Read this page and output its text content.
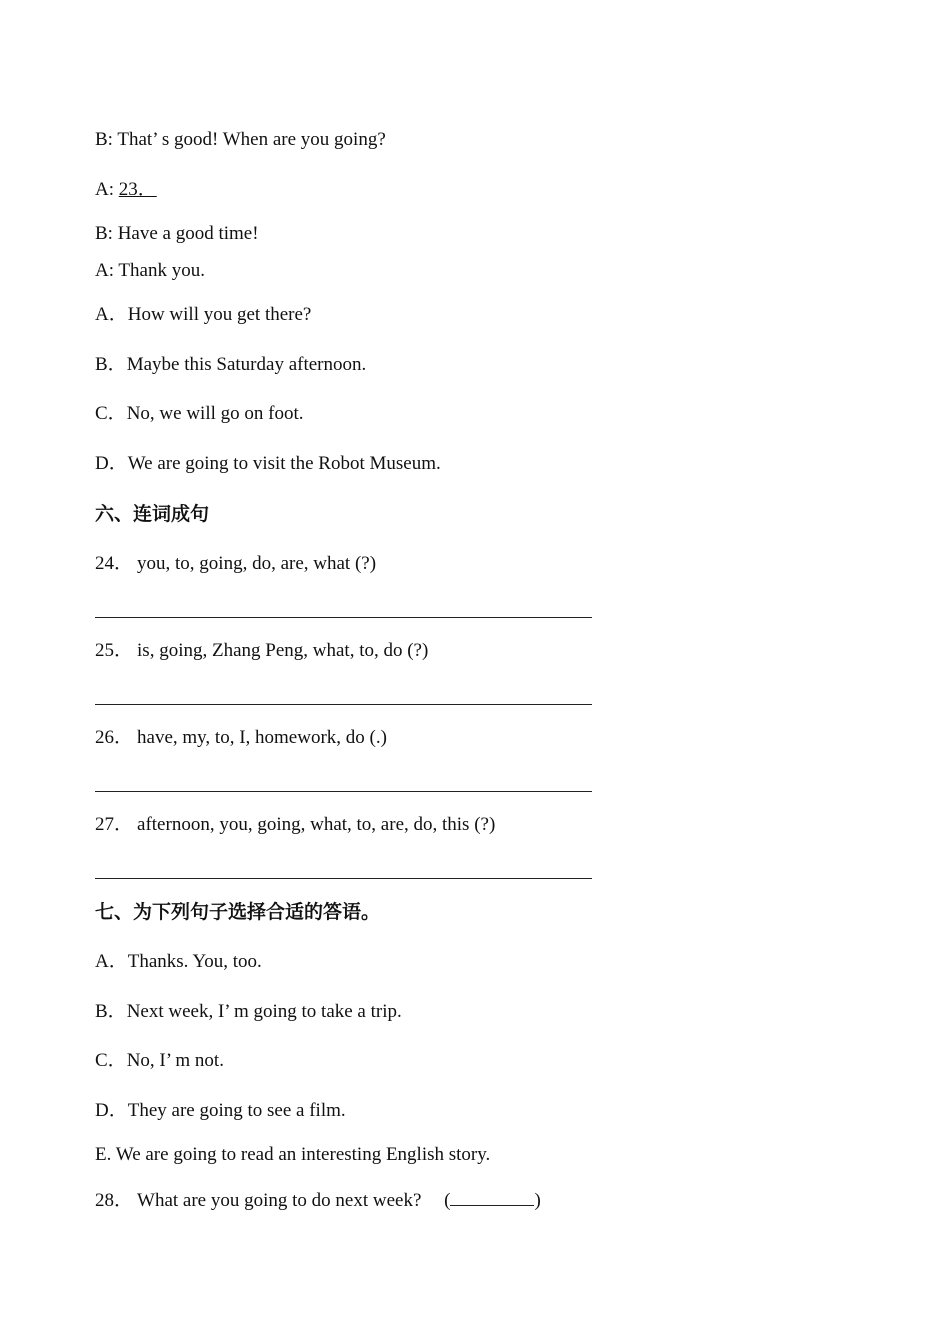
B: That’ s good! When are you going?
A: 23．
B: Have a good time!
A: Thank you.
A．How will you get there?
B．Maybe this Saturday afternoon.
C．No, we will go on foot.
D．We are going to visit the Robot Museum.
六、连词成句
24． you, to, going, do, are, what (?)
25． is, going, Zhang Peng, what, to, do (?)
26． have, my, to, I, homework, do (.)
27． afternoon, you, going, what, to, are, do, this (?)
七、为下列句子选择合适的答语。
A．Thanks. You, too.
B．Next week, I’ m going to take a trip.
C．No, I’ m not.
D．They are going to see a film.
E. We are going to read an interesting English story.
28． What are you going to do next week? (	)
